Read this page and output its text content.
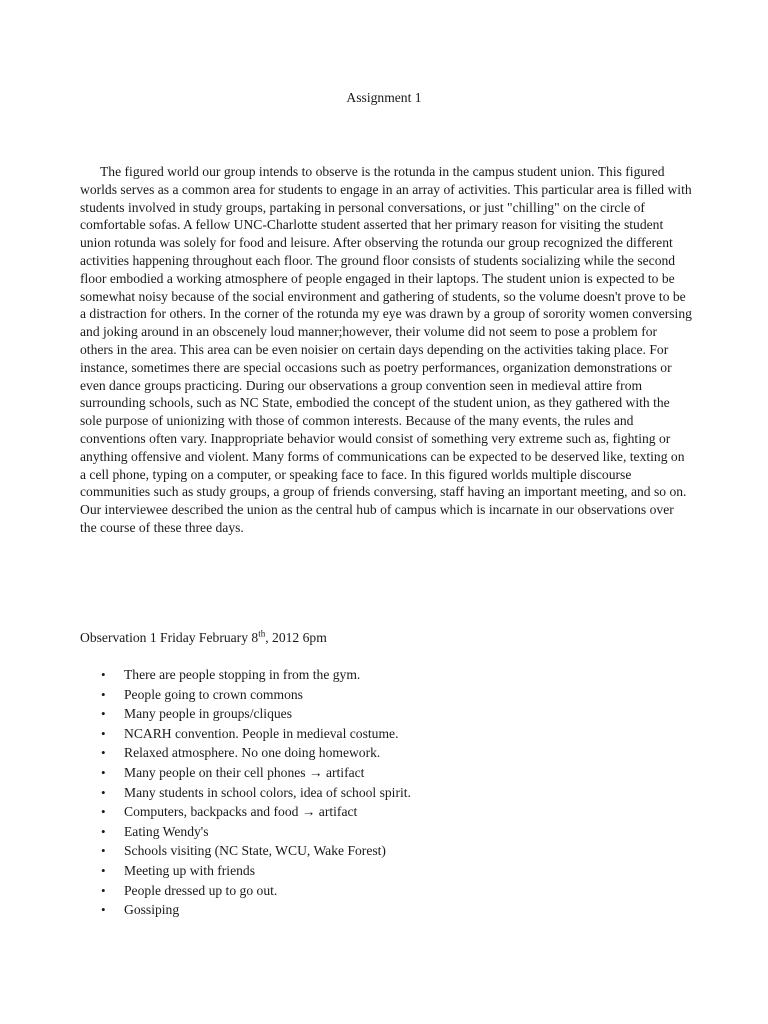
Assignment 1

The figured world our group intends to observe is the rotunda in the campus student union. This figured worlds serves as a common area for students to engage in an array of activities. This particular area is filled with students involved in study groups, partaking in personal conversations, or just "chilling" on the circle of comfortable sofas. A fellow UNC-Charlotte student asserted that her primary reason for visiting the student union rotunda was solely for food and leisure. After observing the rotunda our group recognized the different activities happening throughout each floor. The ground floor consists of students socializing while the second floor embodied a working atmosphere of people engaged in their laptops. The student union is expected to be somewhat noisy because of the social environment and gathering of students, so the volume doesn't prove to be a distraction for others. In the corner of the rotunda my eye was drawn by a group of sorority women conversing and joking around in an obscenely loud manner;however, their volume did not seem to pose a problem for others in the area. This area can be even noisier on certain days depending on the activities taking place. For instance, sometimes there are special occasions such as poetry performances, organization demonstrations or even dance groups practicing. During our observations a group convention seen in medieval attire from surrounding schools, such as NC State, embodied the concept of the student union, as they gathered with the sole purpose of unionizing with those of common interests. Because of the many events, the rules and conventions often vary. Inappropriate behavior would consist of something very extreme such as, fighting or anything offensive and violent. Many forms of communications can be expected to be deserved like, texting on a cell phone, typing on a computer, or speaking face to face. In this figured worlds multiple discourse communities such as study groups, a group of friends conversing, staff having an important meeting, and so on. Our interviewee described the union as the central hub of campus which is incarnate in our observations over the course of these three days.

Observation 1 Friday February 8th, 2012 6pm

• There are people stopping in from the gym.
• People going to crown commons
• Many people in groups/cliques
• NCARH convention. People in medieval costume.
• Relaxed atmosphere. No one doing homework.
• Many people on their cell phones → artifact
• Many students in school colors, idea of school spirit.
• Computers, backpacks and food → artifact
• Eating Wendy's
• Schools visiting (NC State, WCU, Wake Forest)
• Meeting up with friends
• People dressed up to go out.
• Gossiping
